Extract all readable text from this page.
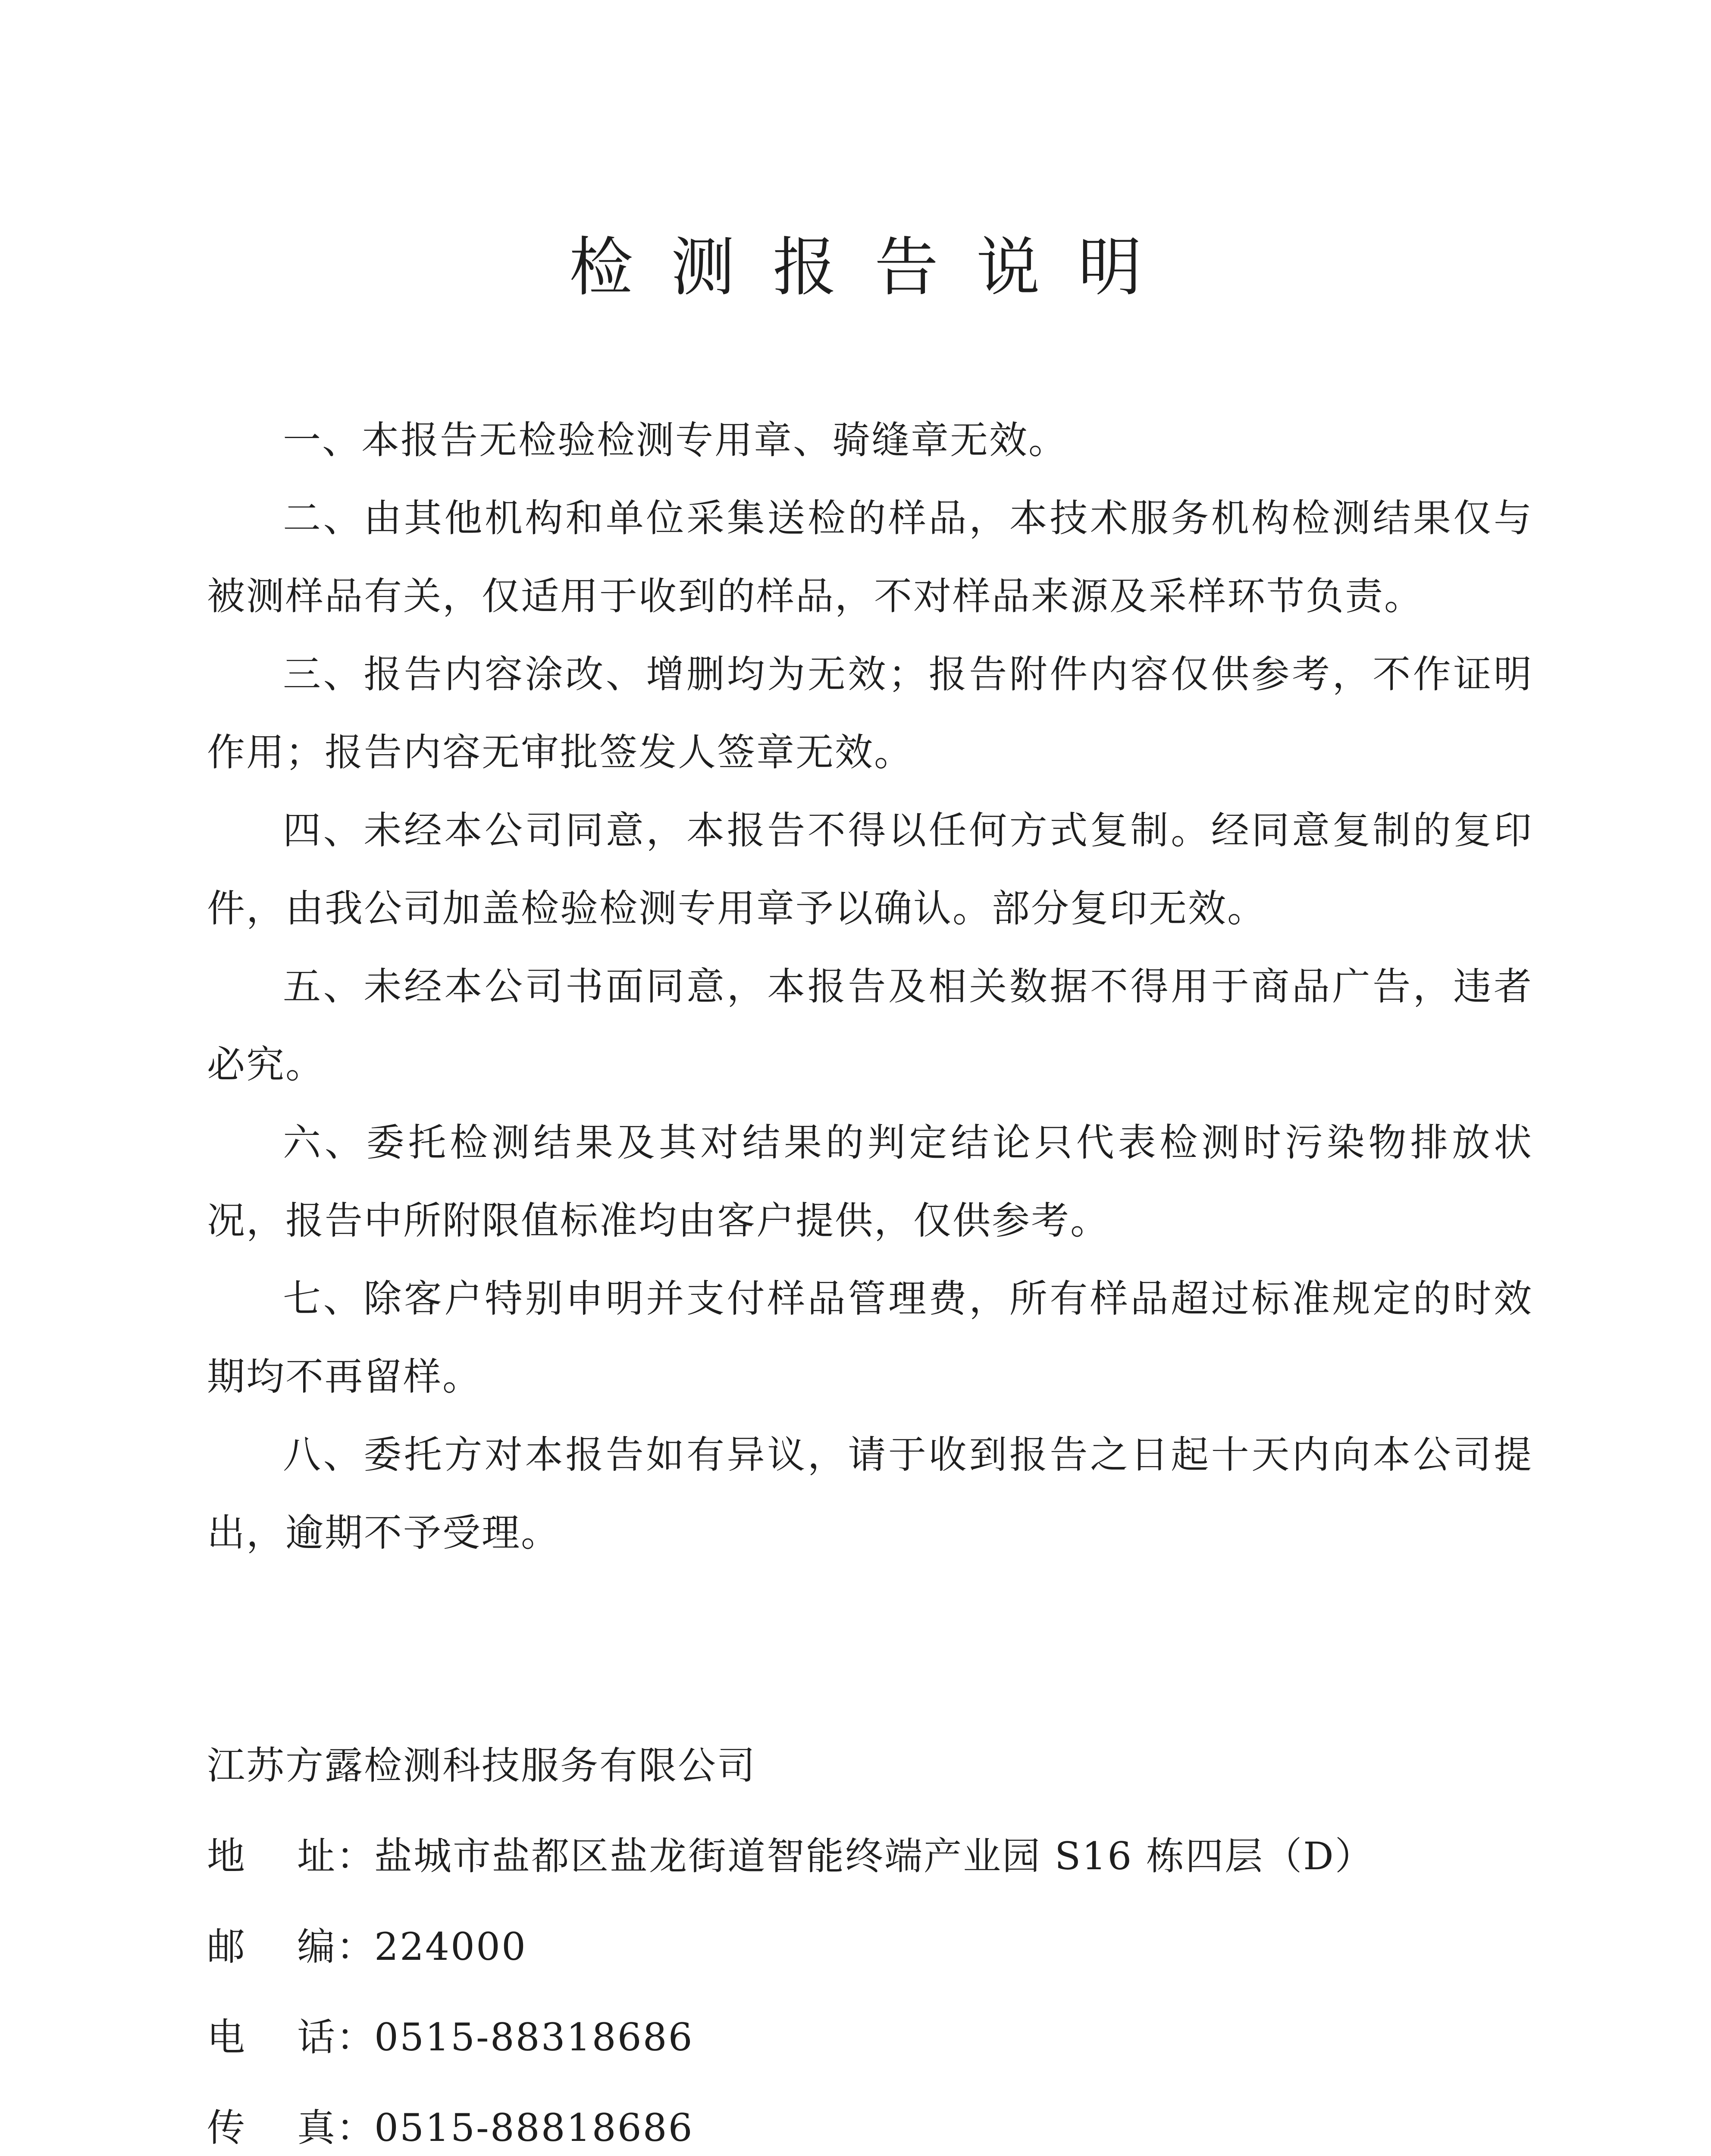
检测报告说明

一、本报告无检验检测专用章、骑缝章无效。

二、由其他机构和单位采集送检的样品，本技术服务机构检测结果仅与被测样品有关，仅适用于收到的样品，不对样品来源及采样环节负责。

三、报告内容涂改、增删均为无效；报告附件内容仅供参考，不作证明作用；报告内容无审批签发人签章无效。

四、未经本公司同意，本报告不得以任何方式复制。经同意复制的复印件，由我公司加盖检验检测专用章予以确认。部分复印无效。

五、未经本公司书面同意，本报告及相关数据不得用于商品广告，违者必究。

六、委托检测结果及其对结果的判定结论只代表检测时污染物排放状况，报告中所附限值标准均由客户提供，仅供参考。

七、除客户特别申明并支付样品管理费，所有样品超过标准规定的时效期均不再留样。

八、委托方对本报告如有异议，请于收到报告之日起十天内向本公司提出，逾期不予受理。

江苏方露检测科技服务有限公司
地 址 ：
盐城市盐都区盐龙街道智能终端产业园 S16 栋四层（D）
邮 编 ：
224000
电 话 ：
0515-88318686
传 真 ：
0515-88818686
